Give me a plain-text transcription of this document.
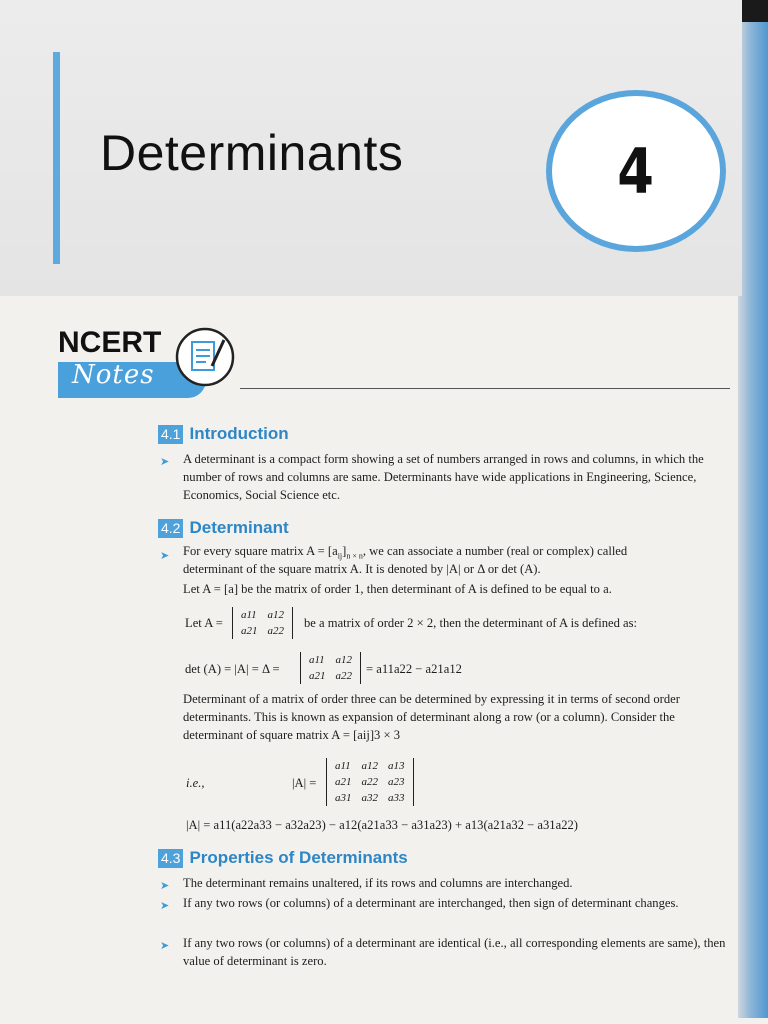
Determinants	4
NCERT
Notes
4.1 Introduction
➤ A determinant is a compact form showing a set of numbers arranged in rows and columns, in which the number of rows and columns are same. Determinants have wide applications in Engineering, Science, Economics, Social Science etc.

4.2 Determinant
➤ For every square matrix $A = [a_{ij}]_{n \times n}$, we can associate a number (real or complex) called
determinant of the square matrix A. It is denoted by |A| or Δ or det (A).
Let A = [a] be the matrix of order 1, then determinant of A is defined to be equal to a.
Let A =
a11	a12
a21	a22
be a matrix of order 2 × 2, then the determinant of A is defined as:
det (A) = |A| = Δ =
a11	a12
a21	a22 = a11a22 − a21a12

Determinant of a matrix of order three can be determined by expressing it in terms of second order determinants. This is known as expansion of determinant along a row (or a column). Consider the determinant of square matrix A = [aij]3 × 3

i.e.,	|A| =
a11	a12	a13
a21	a22	a23
a31	a32	a33
|A| = a11(a22a33 − a32a23) − a12(a21a33 − a31a23) + a13(a21a32 − a31a22)
4.3 Properties of Determinants
➤ The determinant remains unaltered, if its rows and columns are interchanged.

➤ If any two rows (or columns) of a determinant are interchanged, then sign of determinant changes.

➤ If any two rows (or columns) of a determinant are identical (i.e., all corresponding elements are same), then value of determinant is zero.
